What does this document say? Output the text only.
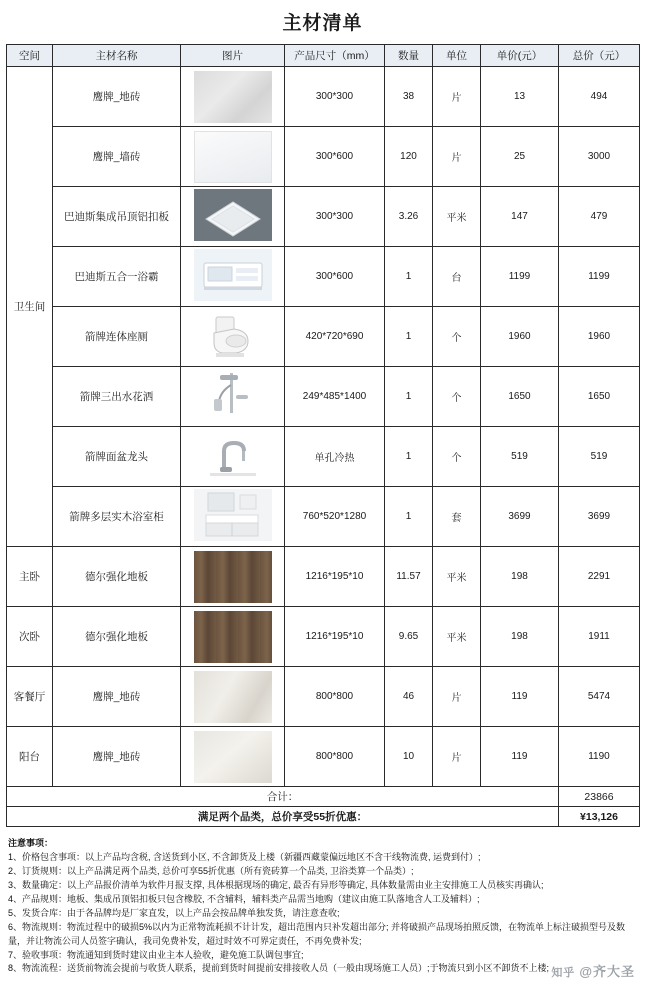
主材清单
空间	主材名称	图片	产品尺寸（mm）	数量	单位	单价(元）	总价（元）
卫生间	鹰牌_地砖		300*300	38	片	13	494
	鹰牌_墙砖		300*600	120	片	25	3000
	巴迪斯集成吊顶铝扣板		300*300	3.26	平米	147	479
	巴迪斯五合一浴霸		300*600	1	台	1199	1199
	箭牌连体座厕		420*720*690	1	个	1960	1960
	箭牌三出水花洒		249*485*1400	1	个	1650	1650
	箭牌面盆龙头		单孔冷热	1	个	519	519
	箭牌多层实木浴室柜		760*520*1280	1	套	3699	3699
主卧	德尔强化地板		1216*195*10	11.57	平米	198	2291
次卧	德尔强化地板		1216*195*10	9.65	平米	198	1911
客餐厅	鹰牌_地砖		800*800	46	片	119	5474
阳台	鹰牌_地砖		800*800	10	片	119	1190
合计：							23866
满足两个品类，总价享受55折优惠：							¥13,126
注意事项：
1、价格包含事项：以上产品均含税, 含送货到小区, 不含卸货及上楼（新疆西藏蒙偏远地区不含干线物流费, 运费到付）;
2、订货规则：以上产品满足两个品类, 总价可享55折优惠（所有瓷砖算一个品类, 卫浴类算一个品类）;
3、数量确定：以上产品报价清单为软件月报支撑, 具体根据现场的确定, 最否有异形等确定, 具体数量需由业主安排施工人员核实再确认;
4、产品规则：地板、集成吊顶铝扣板只包含橡胶, 不含辅料，辅料类产品需当地购（建议由施工队落地含人工及辅料）;
5、发货合库：由于各品牌均是厂家直发，以上产品会按品牌单独发货，请注意查收;
6、物流规则：物流过程中的破损5%以内为正常物流耗损不计计发，超出范围内只补发超出部分; 并将破损产品现场拍照反馈，在物流单上标注破损型号及数量，并让物流公司人员签字确认，我司免费补发，超过时效不可界定责任，不再免费补发;
7、验收事项：物流通知到货时建议由业主本人验收，避免施工队调包事宜;
8、物流流程：送货前物流会提前与收货人联系，提前到货时间提前安排接收人员（一般由现场施工人员）;于物流只到小区不卸货不上楼; 知乎 @齐大圣
